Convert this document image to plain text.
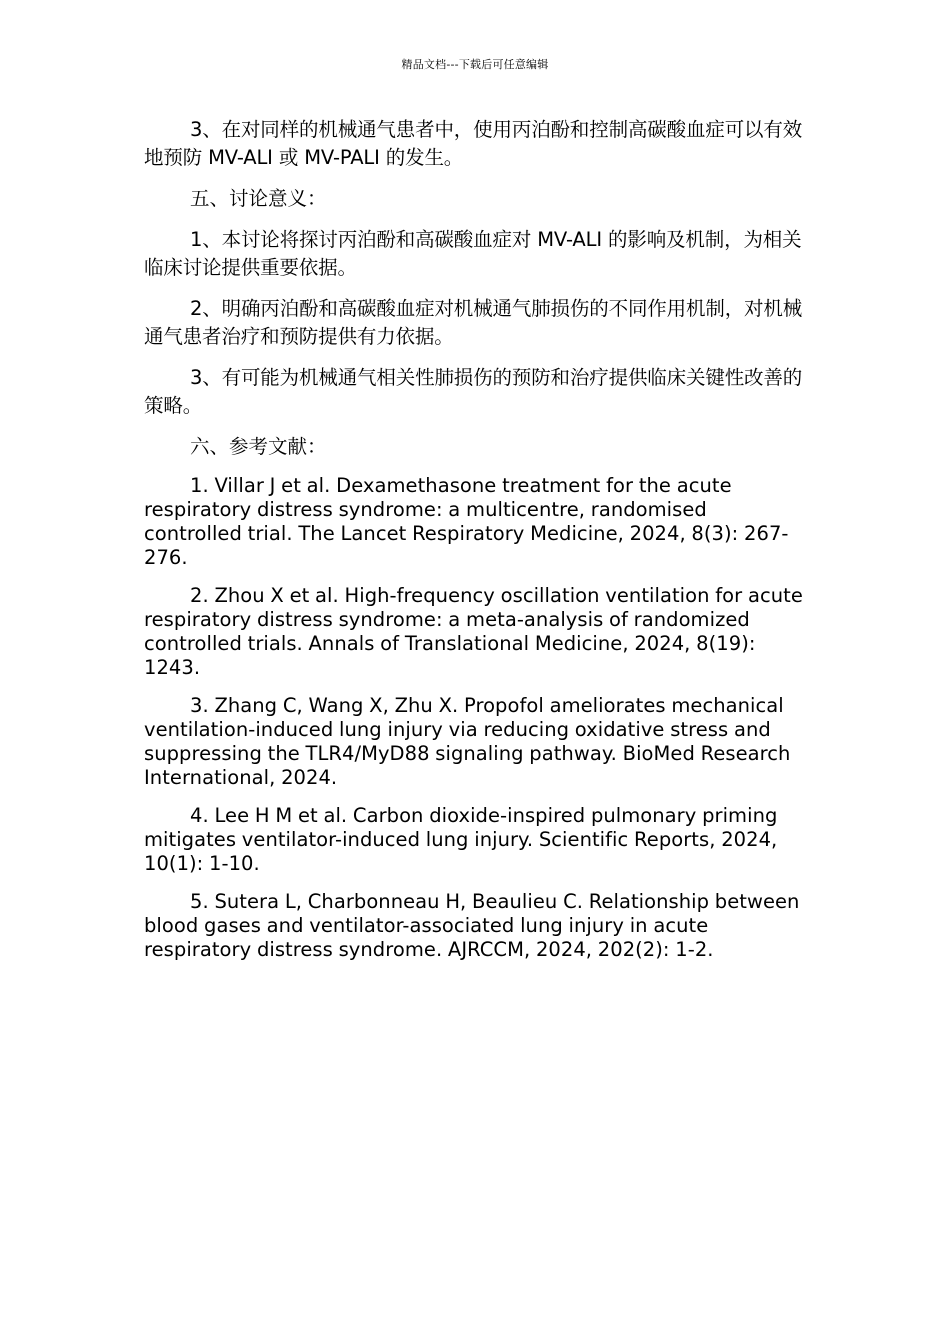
精品文档---下载后可任意编辑

3、在对同样的机械通气患者中，使用丙泊酚和控制高碳酸血症可以有效地预防 MV-ALI 或 MV-PALI 的发生。

五、讨论意义：

1、本讨论将探讨丙泊酚和高碳酸血症对 MV-ALI 的影响及机制，为相关临床讨论提供重要依据。

2、明确丙泊酚和高碳酸血症对机械通气肺损伤的不同作用机制，对机械通气患者治疗和预防提供有力依据。

3、有可能为机械通气相关性肺损伤的预防和治疗提供临床关键性改善的策略。

六、参考文献：

1. Villar J et al. Dexamethasone treatment for the acute respiratory distress syndrome: a multicentre, randomised controlled trial. The Lancet Respiratory Medicine, 2024, 8(3): 267-276.

2. Zhou X et al. High-frequency oscillation ventilation for acute respiratory distress syndrome: a meta-analysis of randomized controlled trials. Annals of Translational Medicine, 2024, 8(19): 1243.

3. Zhang C, Wang X, Zhu X. Propofol ameliorates mechanical ventilation-induced lung injury via reducing oxidative stress and suppressing the TLR4/MyD88 signaling pathway. BioMed Research International, 2024.

4. Lee H M et al. Carbon dioxide-inspired pulmonary priming mitigates ventilator-induced lung injury. Scientific Reports, 2024, 10(1): 1-10.

5. Sutera L, Charbonneau H, Beaulieu C. Relationship between blood gases and ventilator-associated lung injury in acute respiratory distress syndrome. AJRCCM, 2024, 202(2): 1-2.
